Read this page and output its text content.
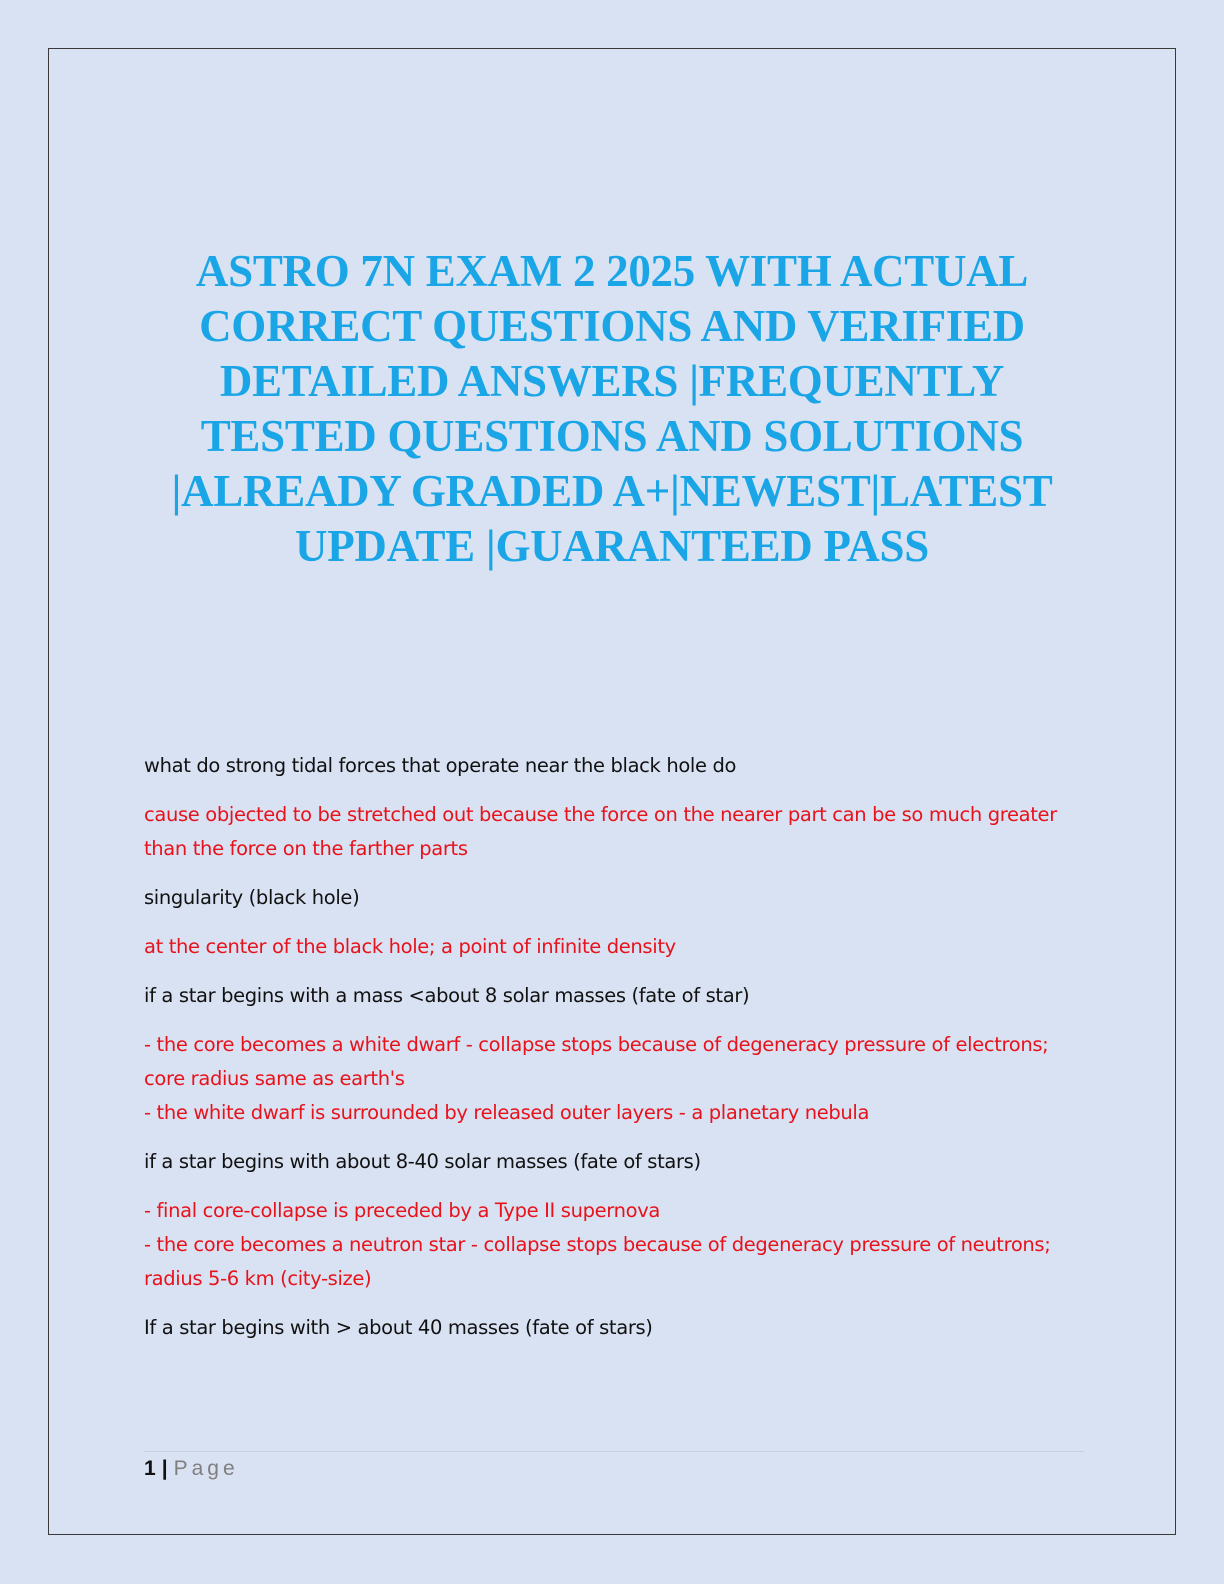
ASTRO 7N EXAM 2 2025 WITH ACTUAL CORRECT QUESTIONS AND VERIFIED DETAILED ANSWERS |FREQUENTLY TESTED QUESTIONS AND SOLUTIONS |ALREADY GRADED A+|NEWEST|LATEST UPDATE |GUARANTEED PASS

what do strong tidal forces that operate near the black hole do

cause objected to be stretched out because the force on the nearer part can be so much greater than the force on the farther parts

singularity (black hole)

at the center of the black hole; a point of infinite density

if a star begins with a mass <about 8 solar masses (fate of star)

- the core becomes a white dwarf - collapse stops because of degeneracy pressure of electrons; core radius same as earth's
- the white dwarf is surrounded by released outer layers - a planetary nebula

if a star begins with about 8-40 solar masses (fate of stars)

- final core-collapse is preceded by a Type II supernova
- the core becomes a neutron star - collapse stops because of degeneracy pressure of neutrons; radius 5-6 km (city-size)

If a star begins with > about 40 masses (fate of stars)

1 | Page
